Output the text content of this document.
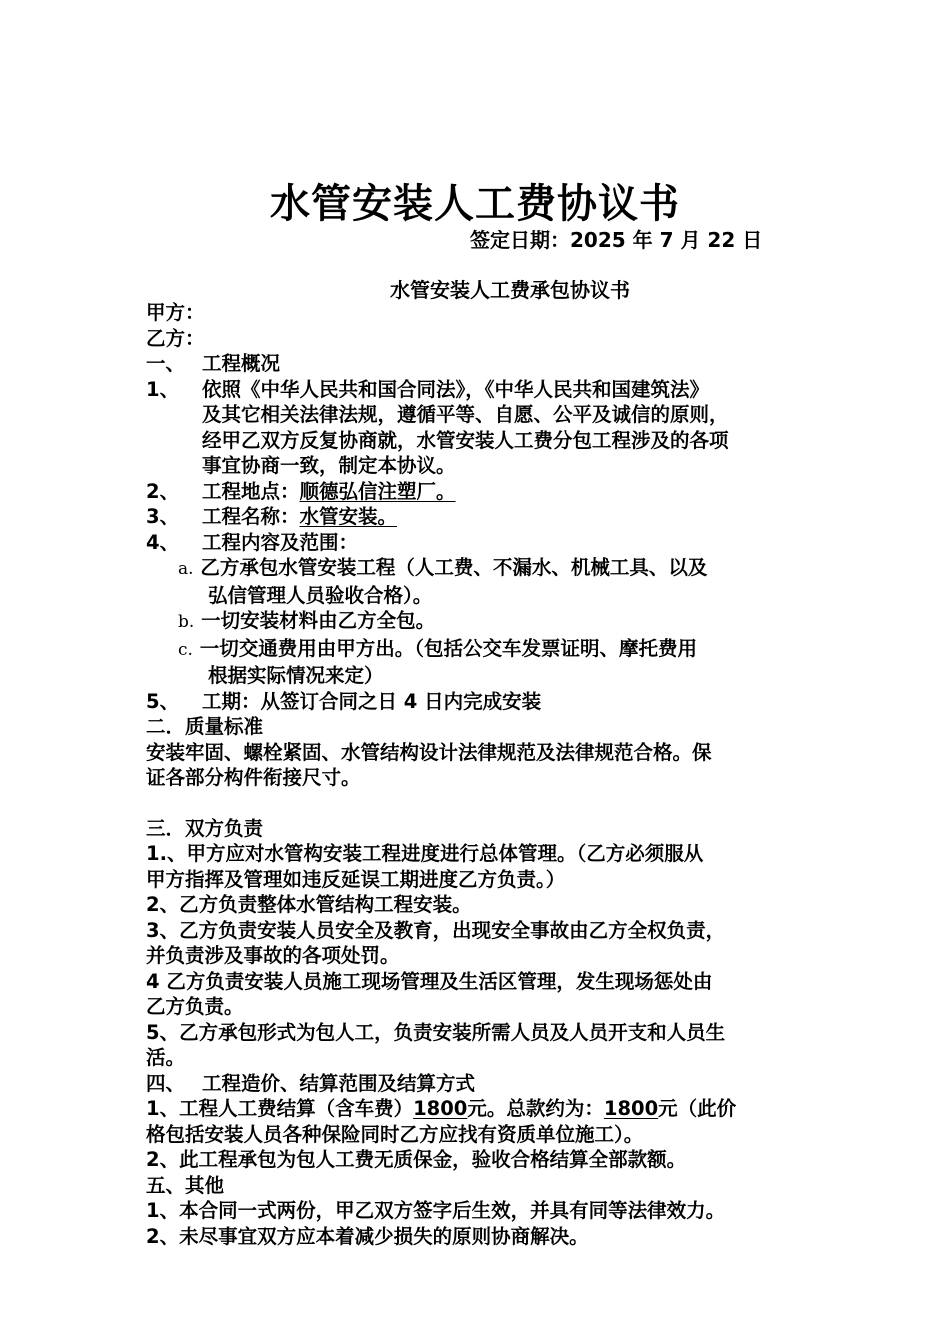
水管安装人工费协议书
签定日期：2025 年 7 月 22 日
水管安装人工费承包协议书
甲方：
乙方：
一、 工程概况
1、 依照《中华人民共和国合同法》，《中华人民共和国建筑法》
及其它相关法律法规，遵循平等、自愿、公平及诚信的原则，
经甲乙双方反复协商就，水管安装人工费分包工程涉及的各项
事宜协商一致，制定本协议。
2、 工程地点：顺德弘信注塑厂。
3、 工程名称：水管安装。
4、 工程内容及范围：
a. 乙方承包水管安装工程（人工费、不漏水、机械工具、以及
弘信管理人员验收合格）。
b. 一切安装材料由乙方全包。
c. 一切交通费用由甲方出。（包括公交车发票证明、摩托费用
根据实际情况来定）
5、 工期：从签订合同之日 4 日内完成安装
二．质量标准
安装牢固、螺栓紧固、水管结构设计法律规范及法律规范合格。保
证各部分构件衔接尺寸。
三．双方负责
1.、甲方应对水管构安装工程进度进行总体管理。（乙方必须服从
甲方指挥及管理如违反延误工期进度乙方负责。）
2、乙方负责整体水管结构工程安装。
3、乙方负责安装人员安全及教育，出现安全事故由乙方全权负责，
并负责涉及事故的各项处罚。
4 乙方负责安装人员施工现场管理及生活区管理，发生现场惩处由
乙方负责。
5、乙方承包形式为包人工，负责安装所需人员及人员开支和人员生
活。
四、 工程造价、结算范围及结算方式
1、工程人工费结算（含车费）1800元。总款约为：1800元（此价
格包括安装人员各种保险同时乙方应找有资质单位施工）。
2、此工程承包为包人工费无质保金，验收合格结算全部款额。
五、其他
1、本合同一式两份，甲乙双方签字后生效，并具有同等法律效力。
2、未尽事宜双方应本着减少损失的原则协商解决。
